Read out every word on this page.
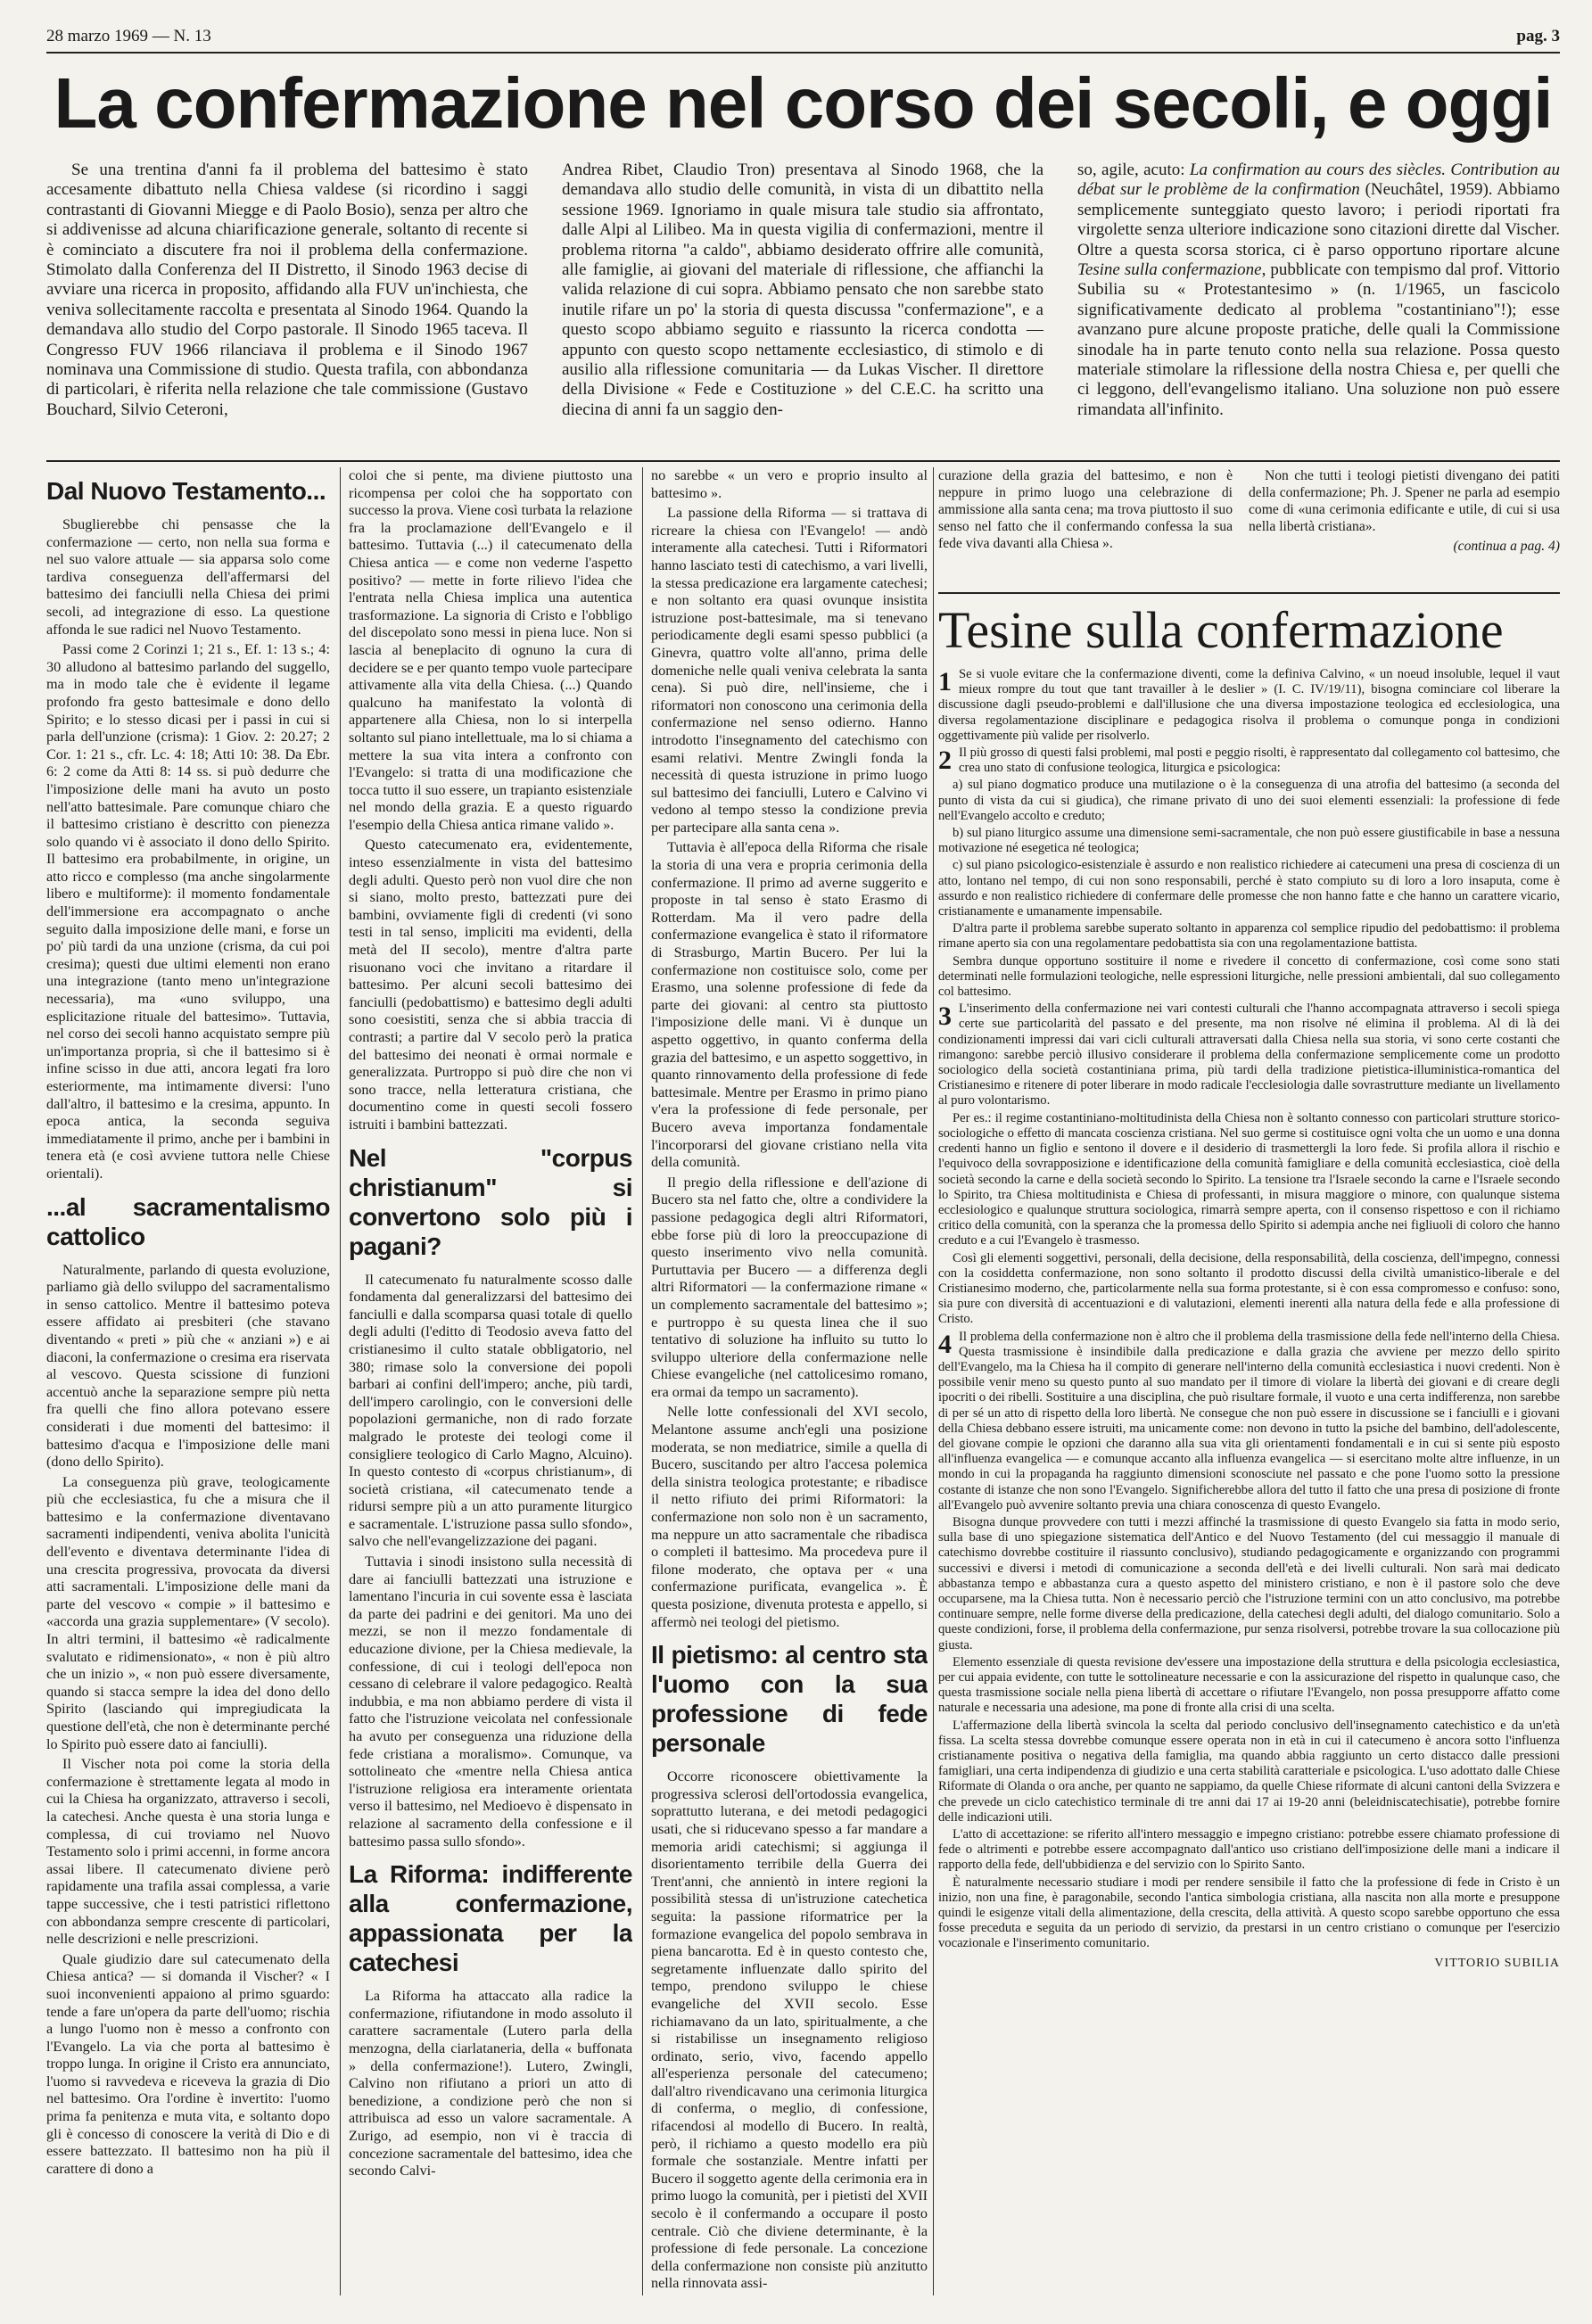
28 marzo 1969 — N. 13	pag. 3
La confermazione nel corso dei secoli, e oggi

Se una trentina d'anni fa il problema del battesimo è stato accesamente dibattuto nella Chiesa valdese (si ricordino i saggi contrastanti di Giovanni Miegge e di Paolo Bosio), senza per altro che si addivenisse ad alcuna chiarificazione generale, soltanto di recente si è cominciato a discutere fra noi il problema della confermazione. Stimolato dalla Conferenza del II Distretto, il Sinodo 1963 decise di avviare una ricerca in proposito, affidando alla FUV un'inchiesta, che veniva sollecitamente raccolta e presentata al Sinodo 1964. Quando la demandava allo studio del Corpo pastorale. Il Sinodo 1965 taceva. Il Congresso FUV 1966 rilanciava il problema e il Sinodo 1967 nominava una Commissione di studio. Questa trafila, con abbondanza di particolari, è riferita nella relazione che tale commissione (Gustavo Bouchard, Silvio Ceteroni,

Andrea Ribet, Claudio Tron) presentava al Sinodo 1968, che la demandava allo studio delle comunità, in vista di un dibattito nella sessione 1969. Ignoriamo in quale misura tale studio sia affrontato, dalle Alpi al Lilibeo. Ma in questa vigilia di confermazioni, mentre il problema ritorna "a caldo", abbiamo desiderato offrire alle comunità, alle famiglie, ai giovani del materiale di riflessione, che affianchi la valida relazione di cui sopra. Abbiamo pensato che non sarebbe stato inutile rifare un po' la storia di questa discussa "confermazione", e a questo scopo abbiamo seguito e riassunto la ricerca condotta — appunto con questo scopo nettamente ecclesiastico, di stimolo e di ausilio alla riflessione comunitaria — da Lukas Vischer. Il direttore della Divisione « Fede e Costituzione » del C.E.C. ha scritto una diecina di anni fa un saggio den-

so, agile, acuto: La confirmation au cours des siècles. Contribution au débat sur le problème de la confirmation (Neuchâtel, 1959). Abbiamo semplicemente sunteggiato questo lavoro; i periodi riportati fra virgolette senza ulteriore indicazione sono citazioni dirette dal Vischer. Oltre a questa scorsa storica, ci è parso opportuno riportare alcune Tesine sulla confermazione, pubblicate con tempismo dal prof. Vittorio Subilia su « Protestantesimo » (n. 1/1965, un fascicolo significativamente dedicato al problema "costantiniano"!); esse avanzano pure alcune proposte pratiche, delle quali la Commissione sinodale ha in parte tenuto conto nella sua relazione. Possa questo materiale stimolare la riflessione della nostra Chiesa e, per quelli che ci leggono, dell'evangelismo italiano. Una soluzione non può essere rimandata all'infinito.

Dal Nuovo Testamento...

Sbuglierebbe chi pensasse che la confermazione — certo, non nella sua forma e nel suo valore attuale — sia apparsa solo come tardiva conseguenza dell'affermarsi del battesimo dei fanciulli nella Chiesa dei primi secoli, ad integrazione di esso. La questione affonda le sue radici nel Nuovo Testamento.

Passi come 2 Corinzi 1; 21 s., Ef. 1: 13 s.; 4: 30 alludono al battesimo parlando del suggello, ma in modo tale che è evidente il legame profondo fra gesto battesimale e dono dello Spirito; e lo stesso dicasi per i passi in cui si parla dell'unzione (crisma): 1 Giov. 2: 20.27; 2 Cor. 1: 21 s., cfr. Lc. 4: 18; Atti 10: 38. Da Ebr. 6: 2 come da Atti 8: 14 ss. si può dedurre che l'imposizione delle mani ha avuto un posto nell'atto battesimale. Pare comunque chiaro che il battesimo cristiano è descritto con pienezza solo quando vi è associato il dono dello Spirito. Il battesimo era probabilmente, in origine, un atto ricco e complesso (ma anche singolarmente libero e multiforme): il momento fondamentale dell'immersione era accompagnato o anche seguito dalla imposizione delle mani, e forse un po' più tardi da una unzione (crisma, da cui poi cresima); questi due ultimi elementi non erano una integrazione (tanto meno un'integrazione necessaria), ma «uno sviluppo, una esplicitazione rituale del battesimo». Tuttavia, nel corso dei secoli hanno acquistato sempre più un'importanza propria, sì che il battesimo si è infine scisso in due atti, ancora legati fra loro esteriormente, ma intimamente diversi: l'uno dall'altro, il battesimo e la cresima, appunto. In epoca antica, la seconda seguiva immediatamente il primo, anche per i bambini in tenera età (e così avviene tuttora nelle Chiese orientali).

...al sacramentalismo cattolico

Naturalmente, parlando di questa evoluzione, parliamo già dello sviluppo del sacramentalismo in senso cattolico. Mentre il battesimo poteva essere affidato ai presbiteri (che stavano diventando « preti » più che « anziani ») e ai diaconi, la confermazione o cresima era riservata al vescovo. Questa scissione di funzioni accentuò anche la separazione sempre più netta fra quelli che fino allora potevano essere considerati i due momenti del battesimo: il battesimo d'acqua e l'imposizione delle mani (dono dello Spirito).

La conseguenza più grave, teologicamente più che ecclesiastica, fu che a misura che il battesimo e la confermazione diventavano sacramenti indipendenti, veniva abolita l'unicità dell'evento e diventava determinante l'idea di una crescita progressiva, provocata da diversi atti sacramentali. L'imposizione delle mani da parte del vescovo « compie » il battesimo e «accorda una grazia supplementare» (V secolo). In altri termini, il battesimo «è radicalmente svalutato e ridimensionato», « non è più altro che un inizio », « non può essere diversamente, quando si stacca sempre la idea del dono dello Spirito (lasciando qui impregiudicata la questione dell'età, che non è determinante perché lo Spirito può essere dato ai fanciulli).

Il Vischer nota poi come la storia della confermazione è strettamente legata al modo in cui la Chiesa ha organizzato, attraverso i secoli, la catechesi. Anche questa è una storia lunga e complessa, di cui troviamo nel Nuovo Testamento solo i primi accenni, in forme ancora assai libere. Il catecumenato diviene però rapidamente una trafila assai complessa, a varie tappe successive, che i testi patristici riflettono con abbondanza sempre crescente di particolari, nelle descrizioni e nelle prescrizioni.

Quale giudizio dare sul catecumenato della Chiesa antica? — si domanda il Vischer? « I suoi inconvenienti appaiono al primo sguardo: tende a fare un'opera da parte dell'uomo; rischia a lungo l'uomo non è messo a confronto con l'Evangelo. La via che porta al battesimo è troppo lunga. In origine il Cristo era annunciato, l'uomo si ravvedeva e riceveva la grazia di Dio nel battesimo. Ora l'ordine è invertito: l'uomo prima fa penitenza e muta vita, e soltanto dopo gli è concesso di conoscere la verità di Dio e di essere battezzato. Il battesimo non ha più il carattere di dono a

coloi che si pente, ma diviene piuttosto una ricompensa per coloi che ha sopportato con successo la prova. Viene così turbata la relazione fra la proclamazione dell'Evangelo e il battesimo. Tuttavia (...) il catecumenato della Chiesa antica — e come non vederne l'aspetto positivo? — mette in forte rilievo l'idea che l'entrata nella Chiesa implica una autentica trasformazione. La signoria di Cristo e l'obbligo del discepolato sono messi in piena luce. Non si lascia al beneplacito di ognuno la cura di decidere se e per quanto tempo vuole partecipare attivamente alla vita della Chiesa. (...) Quando qualcuno ha manifestato la volontà di appartenere alla Chiesa, non lo si interpella soltanto sul piano intellettuale, ma lo si chiama a mettere la sua vita intera a confronto con l'Evangelo: si tratta di una modificazione che tocca tutto il suo essere, un trapianto esistenziale nel mondo della grazia. E a questo riguardo l'esempio della Chiesa antica rimane valido ».

Questo catecumenato era, evidentemente, inteso essenzialmente in vista del battesimo degli adulti. Questo però non vuol dire che non si siano, molto presto, battezzati pure dei bambini, ovviamente figli di credenti (vi sono testi in tal senso, impliciti ma evidenti, della metà del II secolo), mentre d'altra parte risuonano voci che invitano a ritardare il battesimo. Per alcuni secoli battesimo dei fanciulli (pedobattismo) e battesimo degli adulti sono coesistiti, senza che si abbia traccia di contrasti; a partire dal V secolo però la pratica del battesimo dei neonati è ormai normale e generalizzata. Purtroppo si può dire che non vi sono tracce, nella letteratura cristiana, che documentino come in questi secoli fossero istruiti i bambini battezzati.

Nel "corpus christianum" si convertono solo più i pagani?

Il catecumenato fu naturalmente scosso dalle fondamenta dal generalizzarsi del battesimo dei fanciulli e dalla scomparsa quasi totale di quello degli adulti (l'editto di Teodosio aveva fatto del cristianesimo il culto statale obbligatorio, nel 380; rimase solo la conversione dei popoli barbari ai confini dell'impero; anche, più tardi, dell'impero carolingio, con le conversioni delle popolazioni germaniche, non di rado forzate malgrado le proteste dei teologi come il consigliere teologico di Carlo Magno, Alcuino). In questo contesto di «corpus christianum», di società cristiana, «il catecumenato tende a ridursi sempre più a un atto puramente liturgico e sacramentale. L'istruzione passa sullo sfondo», salvo che nell'evangelizzazione dei pagani.

Tuttavia i sinodi insistono sulla necessità di dare ai fanciulli battezzati una istruzione e lamentano l'incuria in cui sovente essa è lasciata da parte dei padrini e dei genitori. Ma uno dei mezzi, se non il mezzo fondamentale di educazione divione, per la Chiesa medievale, la confessione, di cui i teologi dell'epoca non cessano di celebrare il valore pedagogico. Realtà indubbia, e ma non abbiamo perdere di vista il fatto che l'istruzione veicolata nel confessionale ha avuto per conseguenza una riduzione della fede cristiana a moralismo». Comunque, va sottolineato che «mentre nella Chiesa antica l'istruzione religiosa era interamente orientata verso il battesimo, nel Medioevo è dispensato in relazione al sacramento della confessione e il battesimo passa sullo sfondo».

La Riforma: indifferente alla confermazione, appassionata per la catechesi

La Riforma ha attaccato alla radice la confermazione, rifiutandone in modo assoluto il carattere sacramentale (Lutero parla della menzogna, della ciarlataneria, della « buffonata » della confermazione!). Lutero, Zwingli, Calvino non rifiutano a priori un atto di benedizione, a condizione però che non si attribuisca ad esso un valore sacramentale. A Zurigo, ad esempio, non vi è traccia di concezione sacramentale del battesimo, idea che secondo Calvi-

no sarebbe « un vero e proprio insulto al battesimo ».

La passione della Riforma — si trattava di ricreare la chiesa con l'Evangelo! — andò interamente alla catechesi. Tutti i Riformatori hanno lasciato testi di catechismo, a vari livelli, la stessa predicazione era largamente catechesi; e non soltanto era quasi ovunque insistita istruzione post-battesimale, ma si tenevano periodicamente degli esami spesso pubblici (a Ginevra, quattro volte all'anno, prima delle domeniche nelle quali veniva celebrata la santa cena). Si può dire, nell'insieme, che i riformatori non conoscono una cerimonia della confermazione nel senso odierno. Hanno introdotto l'insegnamento del catechismo con esami relativi. Mentre Zwingli fonda la necessità di questa istruzione in primo luogo sul battesimo dei fanciulli, Lutero e Calvino vi vedono al tempo stesso la condizione previa per partecipare alla santa cena ».

Tuttavia è all'epoca della Riforma che risale la storia di una vera e propria cerimonia della confermazione. Il primo ad averne suggerito e proposte in tal senso è stato Erasmo di Rotterdam. Ma il vero padre della confermazione evangelica è stato il riformatore di Strasburgo, Martin Bucero. Per lui la confermazione non costituisce solo, come per Erasmo, una solenne professione di fede da parte dei giovani: al centro sta piuttosto l'imposizione delle mani. Vi è dunque un aspetto oggettivo, in quanto conferma della grazia del battesimo, e un aspetto soggettivo, in quanto rinnovamento della professione di fede battesimale. Mentre per Erasmo in primo piano v'era la professione di fede personale, per Bucero aveva importanza fondamentale l'incorporarsi del giovane cristiano nella vita della comunità.

Il pregio della riflessione e dell'azione di Bucero sta nel fatto che, oltre a condividere la passione pedagogica degli altri Riformatori, ebbe forse più di loro la preoccupazione di questo inserimento vivo nella comunità. Purtuttavia per Bucero — a differenza degli altri Riformatori — la confermazione rimane « un complemento sacramentale del battesimo »; e purtroppo è su questa linea che il suo tentativo di soluzione ha influito su tutto lo sviluppo ulteriore della confermazione nelle Chiese evangeliche (nel cattolicesimo romano, era ormai da tempo un sacramento).

Nelle lotte confessionali del XVI secolo, Melantone assume anch'egli una posizione moderata, se non mediatrice, simile a quella di Bucero, suscitando per altro l'accesa polemica della sinistra teologica protestante; e ribadisce il netto rifiuto dei primi Riformatori: la confermazione non solo non è un sacramento, ma neppure un atto sacramentale che ribadisca o completi il battesimo. Ma procedeva pure il filone moderato, che optava per « una confermazione purificata, evangelica ». È questa posizione, divenuta protesta e appello, si affermò nei teologi del pietismo.

Il pietismo: al centro sta l'uomo con la sua professione di fede personale

Occorre riconoscere obiettivamente la progressiva sclerosi dell'ortodossia evangelica, soprattutto luterana, e dei metodi pedagogici usati, che si riducevano spesso a far mandare a memoria aridi catechismi; si aggiunga il disorientamento terribile della Guerra dei Trent'anni, che annientò in intere regioni la possibilità stessa di un'istruzione catechetica seguita: la passione riformatrice per la formazione evangelica del popolo sembrava in piena bancarotta. Ed è in questo contesto che, segretamente influenzate dallo spirito del tempo, prendono sviluppo le chiese evangeliche del XVII secolo. Esse richiamavano da un lato, spiritualmente, a che si ristabilisse un insegnamento religioso ordinato, serio, vivo, facendo appello all'esperienza personale del catecumeno; dall'altro rivendicavano una cerimonia liturgica di conferma, o meglio, di confessione, rifacendosi al modello di Bucero. In realtà, però, il richiamo a questo modello era più formale che sostanziale. Mentre infatti per Bucero il soggetto agente della cerimonia era in primo luogo la comunità, per i pietisti del XVII secolo è il confermando a occupare il posto centrale. Ciò che diviene determinante, è la professione di fede personale. La concezione della confermazione non consiste più anzitutto nella rinnovata assi-

curazione della grazia del battesimo, e non è neppure in primo luogo una celebrazione di ammissione alla santa cena; ma trova piuttosto il suo senso nel fatto che il confermando confessa la sua fede viva davanti alla Chiesa ».

Non che tutti i teologi pietisti divengano dei patiti della confermazione; Ph. J. Spener ne parla ad esempio come di «una cerimonia edificante e utile, di cui si usa nella libertà cristiana».

(continua a pag. 4)

Tesine sulla confermazione

1 Se si vuole evitare che la confermazione diventi, come la definiva Calvino, « un noeud insoluble, lequel il vaut mieux rompre du tout que tant travailler à le deslier » (I. C. IV/19/11), bisogna cominciare col liberare la discussione dagli pseudo-problemi e dall'illusione che una diversa impostazione teologica ed ecclesiologica, una diversa regolamentazione disciplinare e pedagogica risolva il problema o comunque ponga in condizioni oggettivamente più valide per risolverlo.

2 Il più grosso di questi falsi problemi, mal posti e peggio risolti, è rappresentato dal collegamento col battesimo, che crea uno stato di confusione teologica, liturgica e psicologica:

a) sul piano dogmatico produce una mutilazione o è la conseguenza di una atrofia del battesimo (a seconda del punto di vista da cui si giudica), che rimane privato di uno dei suoi elementi essenziali: la professione di fede nell'Evangelo accolto e creduto;

b) sul piano liturgico assume una dimensione semi-sacramentale, che non può essere giustificabile in base a nessuna motivazione né esegetica né teologica;

c) sul piano psicologico-esistenziale è assurdo e non realistico richiedere ai catecumeni una presa di coscienza di un atto, lontano nel tempo, di cui non sono responsabili, perché è stato compiuto su di loro a loro insaputa, come è assurdo e non realistico richiedere di confermare delle promesse che non hanno fatte e che hanno un carattere vicario, cristianamente e umanamente impensabile.

D'altra parte il problema sarebbe superato soltanto in apparenza col semplice ripudio del pedobattismo: il problema rimane aperto sia con una regolamentare pedobattista sia con una regolamentazione battista.

Sembra dunque opportuno sostituire il nome e rivedere il concetto di confermazione, così come sono stati determinati nelle formulazioni teologiche, nelle espressioni liturgiche, nelle pressioni ambientali, dal suo collegamento col battesimo.

3 L'inserimento della confermazione nei vari contesti culturali che l'hanno accompagnata attraverso i secoli spiega certe sue particolarità del passato e del presente, ma non risolve né elimina il problema. Al di là dei condizionamenti impressi dai vari cicli culturali attraversati dalla Chiesa nella sua storia, vi sono certe costanti che rimangono: sarebbe perciò illusivo considerare il problema della confermazione semplicemente come un prodotto sociologico della società costantiniana prima, più tardi della tradizione pietistica-illuministica-romantica del Cristianesimo e ritenere di poter liberare in modo radicale l'ecclesiologia dalle sovrastrutture mediante un livellamento al puro volontarismo.

Per es.: il regime costantiniano-moltitudinista della Chiesa non è soltanto connesso con particolari strutture storico-sociologiche o effetto di mancata coscienza cristiana. Nel suo germe si costituisce ogni volta che un uomo e una donna credenti hanno un figlio e sentono il dovere e il desiderio di trasmettergli la loro fede. Si profila allora il rischio e l'equivoco della sovrapposizione e identificazione della comunità famigliare e della comunità ecclesiastica, cioè della società secondo la carne e della società secondo lo Spirito. La tensione tra l'Israele secondo la carne e l'Israele secondo lo Spirito, tra Chiesa moltitudinista e Chiesa di professanti, in misura maggiore o minore, con qualunque sistema ecclesiologico e qualunque struttura sociologica, rimarrà sempre aperta, con il consenso rispettoso e con il richiamo critico della comunità, con la speranza che la promessa dello Spirito si adempia anche nei figliuoli di coloro che hanno creduto e a cui l'Evangelo è trasmesso.

Così gli elementi soggettivi, personali, della decisione, della responsabilità, della coscienza, dell'impegno, connessi con la cosiddetta confermazione, non sono soltanto il prodotto discussi della civiltà umanistico-liberale e del Cristianesimo moderno, che, particolarmente nella sua forma protestante, si è con essa compromesso e confuso: sono, sia pure con diversità di accentuazioni e di valutazioni, elementi inerenti alla natura della fede e alla professione di Cristo.

4 Il problema della confermazione non è altro che il problema della trasmissione della fede nell'interno della Chiesa. Questa trasmissione è insindibile dalla predicazione e dalla grazia che avviene per mezzo dello spirito dell'Evangelo, ma la Chiesa ha il compito di generare nell'interno della comunità ecclesiastica i nuovi credenti. Non è possibile venir meno su questo punto al suo mandato per il timore di violare la libertà dei giovani e di creare degli ipocriti o dei ribelli. Sostituire a una disciplina, che può risultare formale, il vuoto e una certa indifferenza, non sarebbe di per sé un atto di rispetto della loro libertà. Ne consegue che non può essere in discussione se i fanciulli e i giovani della Chiesa debbano essere istruiti, ma unicamente come: non devono in tutto la psiche del bambino, dell'adolescente, del giovane compie le opzioni che daranno alla sua vita gli orientamenti fondamentali e in cui si sente più esposto all'influenza evangelica — e comunque accanto alla influenza evangelica — si esercitano molte altre influenze, in un mondo in cui la propaganda ha raggiunto dimensioni sconosciute nel passato e che pone l'uomo sotto la pressione costante di istanze che non sono l'Evangelo. Significherebbe allora del tutto il fatto che una presa di posizione di fronte all'Evangelo può avvenire soltanto previa una chiara conoscenza di questo Evangelo.

Bisogna dunque provvedere con tutti i mezzi affinché la trasmissione di questo Evangelo sia fatta in modo serio, sulla base di uno spiegazione sistematica dell'Antico e del Nuovo Testamento (del cui messaggio il manuale di catechismo dovrebbe costituire il riassunto conclusivo), studiando pedagogicamente e organizzando con programmi successivi e diversi i metodi di comunicazione a seconda dell'età e dei livelli culturali. Non sarà mai dedicato abbastanza tempo e abbastanza cura a questo aspetto del ministero cristiano, e non è il pastore solo che deve occuparsene, ma la Chiesa tutta. Non è necessario perciò che l'istruzione termini con un atto conclusivo, ma potrebbe continuare sempre, nelle forme diverse della predicazione, della catechesi degli adulti, del dialogo comunitario. Solo a queste condizioni, forse, il problema della confermazione, pur senza risolversi, potrebbe trovare la sua collocazione più giusta.

Elemento essenziale di questa revisione dev'essere una impostazione della struttura e della psicologia ecclesiastica, per cui appaia evidente, con tutte le sottolineature necessarie e con la assicurazione del rispetto in qualunque caso, che questa trasmissione sociale nella piena libertà di accettare o rifiutare l'Evangelo, non possa presupporre affatto come naturale e necessaria una adesione, ma pone di fronte alla crisi di una scelta.

L'affermazione della libertà svincola la scelta dal periodo conclusivo dell'insegnamento catechistico e da un'età fissa. La scelta stessa dovrebbe comunque essere operata non in età in cui il catecumeno è ancora sotto l'influenza cristianamente positiva o negativa della famiglia, ma quando abbia raggiunto un certo distacco dalle pressioni famigliari, una certa indipendenza di giudizio e una certa stabilità caratteriale e psicologica. L'uso adottato dalle Chiese Riformate di Olanda o ora anche, per quanto ne sappiamo, da quelle Chiese riformate di alcuni cantoni della Svizzera e che prevede un ciclo catechistico terminale di tre anni dai 17 ai 19-20 anni (beleidniscatechisatie), potrebbe fornire delle indicazioni utili.

L'atto di accettazione: se riferito all'intero messaggio e impegno cristiano: potrebbe essere chiamato professione di fede o altrimenti e potrebbe essere accompagnato dall'antico uso cristiano dell'imposizione delle mani a indicare il rapporto della fede, dell'ubbidienza e del servizio con lo Spirito Santo.

È naturalmente necessario studiare i modi per rendere sensibile il fatto che la professione di fede in Cristo è un inizio, non una fine, è paragonabile, secondo l'antica simbologia cristiana, alla nascita non alla morte e presuppone quindi le esigenze vitali della alimentazione, della crescita, della attività. A questo scopo sarebbe opportuno che essa fosse preceduta e seguita da un periodo di servizio, da prestarsi in un centro cristiano o comunque per l'esercizio vocazionale e l'inserimento comunitario.

VITTORIO SUBILIA
